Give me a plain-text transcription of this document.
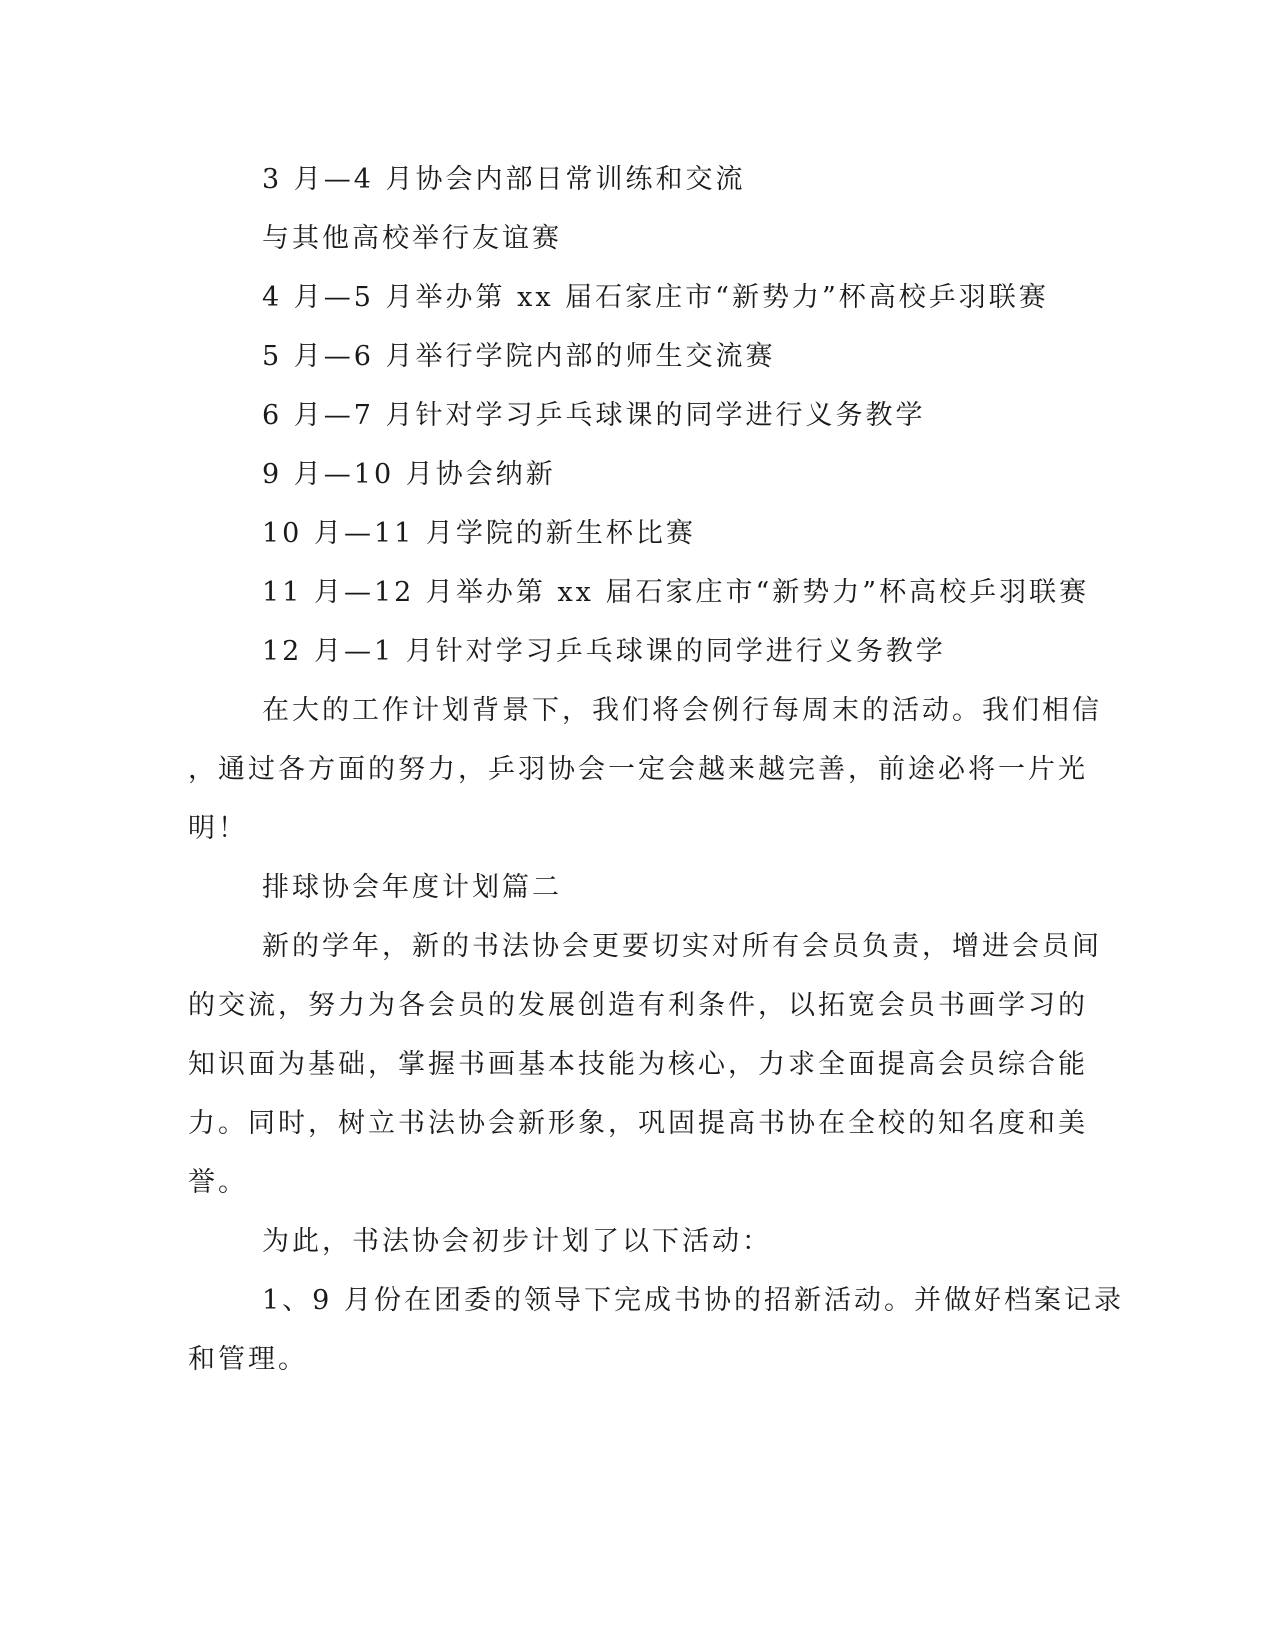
3 月—4 月协会内部日常训练和交流
与其他高校举行友谊赛
4 月—5 月举办第 xx 届石家庄市“新势力”杯高校乒羽联赛
5 月—6 月举行学院内部的师生交流赛
6 月—7 月针对学习乒乓球课的同学进行义务教学
9 月—10 月协会纳新
10 月—11 月学院的新生杯比赛
11 月—12 月举办第 xx 届石家庄市“新势力”杯高校乒羽联赛
12 月—1 月针对学习乒乓球课的同学进行义务教学
在大的工作计划背景下，我们将会例行每周末的活动。我们相信
，通过各方面的努力，乒羽协会一定会越来越完善，前途必将一片光
明！
排球协会年度计划篇二
新的学年，新的书法协会更要切实对所有会员负责，增进会员间
的交流，努力为各会员的发展创造有利条件，以拓宽会员书画学习的
知识面为基础，掌握书画基本技能为核心，力求全面提高会员综合能
力。同时，树立书法协会新形象，巩固提高书协在全校的知名度和美
誉。
为此，书法协会初步计划了以下活动：
1、9 月份在团委的领导下完成书协的招新活动。并做好档案记录
和管理。
